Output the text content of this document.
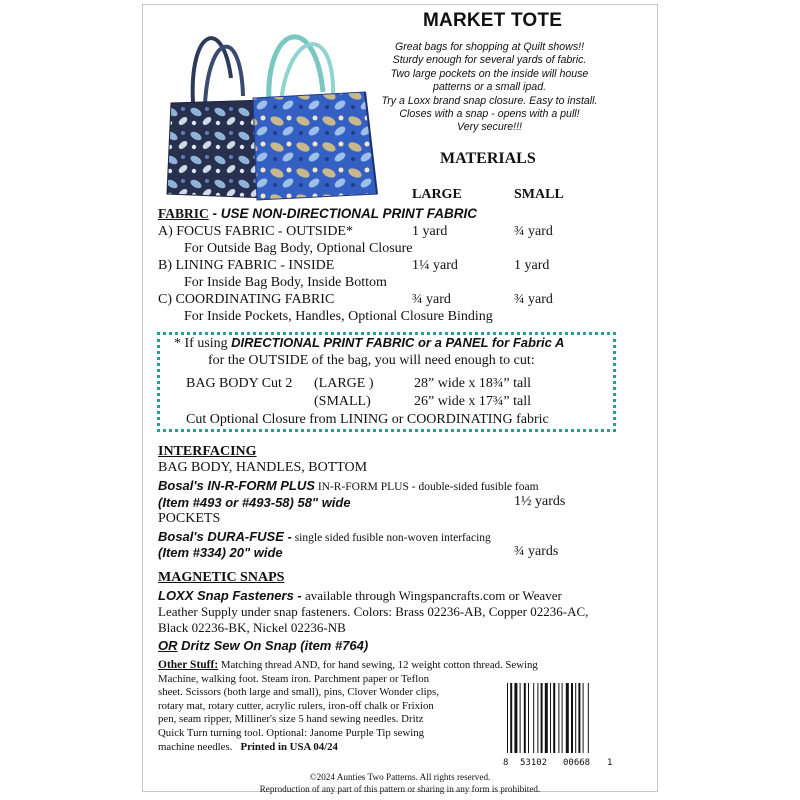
MARKET TOTE
Great bags for shopping at Quilt shows!!
Sturdy enough for several yards of fabric.
Two large pockets on the inside will house
patterns or a small ipad.
Try a Loxx brand snap closure. Easy to install.
Closes with a snap - opens with a pull!
Very secure!!!
MATERIALS
LARGE	SMALL
FABRIC - USE NON-DIRECTIONAL PRINT FABRIC
A) FOCUS FABRIC - OUTSIDE*	1 yard	¾ yard
For Outside Bag Body, Optional Closure
B) LINING FABRIC - INSIDE	1¼ yard	1 yard
For Inside Bag Body, Inside Bottom
C) COORDINATING FABRIC	¾ yard	¾ yard
For Inside Pockets, Handles, Optional Closure Binding
* If using DIRECTIONAL PRINT FABRIC or a PANEL for Fabric A
for the OUTSIDE of the bag, you will need enough to cut:
BAG BODY Cut 2 (LARGE )	28” wide x 18¾” tall
(SMALL)	26” wide x 17¾” tall
Cut Optional Closure from LINING or COORDINATING fabric
INTERFACING
BAG BODY, HANDLES, BOTTOM
Bosal's IN-R-FORM PLUS IN-R-FORM PLUS - double-sided fusible foam
(Item #493 or #493-58) 58" wide	1½ yards
POCKETS
Bosal's DURA-FUSE - single sided fusible non-woven interfacing
(Item #334) 20" wide	¾ yards
MAGNETIC SNAPS
LOXX Snap Fasteners - available through Wingspancrafts.com or Weaver
Leather Supply under snap fasteners. Colors: Brass 02236-AB, Copper 02236-AC,
Black 02236-BK, Nickel 02236-NB
OR Dritz Sew On Snap (item #764)
Other Stuff: Matching thread AND, for hand sewing, 12 weight cotton thread. Sewing
Machine, walking foot. Steam iron. Parchment paper or Teflon
sheet. Scissors (both large and small), pins, Clover Wonder clips,
rotary mat, rotary cutter, acrylic rulers, iron-off chalk or Frixion
pen, seam ripper, Milliner's size 5 hand sewing needles. Dritz
Quick Turn turning tool. Optional: Janome Purple Tip sewing
machine needles. Printed in USA 04/24
8 53102 00668 1
©2024 Aunties Two Patterns. All rights reserved.
Reproduction of any part of this pattern or sharing in any form is prohibited.
